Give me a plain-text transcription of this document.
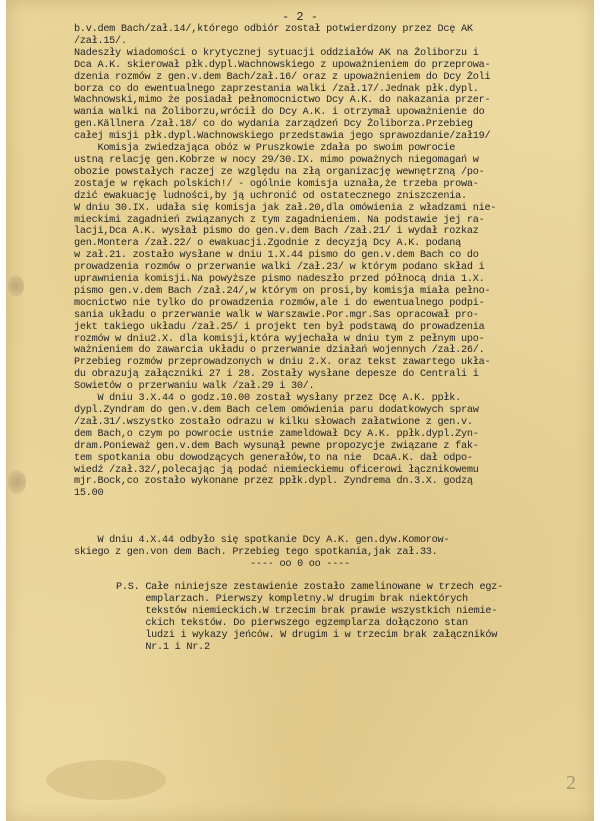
- 2 -
b.v.dem Bach/zał.14/,którego odbiór został potwierdzony przez Dcę AK
/zał.15/.
Nadeszły wiadomości o krytycznej sytuacji oddziałów AK na Żoliborzu i
Dca A.K. skierował płk.dypl.Wachnowskiego z upoważnieniem do przeprowa-
dzenia rozmów z gen.v.dem Bach/zał.16/ oraz z upoważnieniem do Dcy Żoli
borza co do ewentualnego zaprzestania walki /zał.17/.Jednak płk.dypl.
Wachnowski,mimo że posiadał pełnomocnictwo Dcy A.K. do nakazania przer-
wania walki na Żoliborzu,wrócił do Dcy A.K. i otrzymał upoważnienie do
gen.Källnera /zał.18/ co do wydania zarządzeń Dcy Żoliborza.Przebieg
całej misji płk.dypl.Wachnowskiego przedstawia jego sprawozdanie/zał19/
Komisja zwiedzająca obóz w Pruszkowie zdała po swoim powrocie
ustną relację gen.Kobrze w nocy 29/30.IX. mimo poważnych niegomagań w
obozie powstałych raczej ze względu na złą organizację wewnętrzną /po-
zostaje w rękach polskich!/ - ogólnie komisja uznała,że trzeba prowa-
dzić ewakuację ludności,by ją uchronić od ostatecznego zniszczenia.
W dniu 30.IX. udała się komisja jak zał.20,dla omówienia z władzami nie-
mieckimi zagadnień związanych z tym zagadnieniem. Na podstawie jej ra-
lacji,Dca A.K. wysłał pismo do gen.v.dem Bach /zał.21/ i wydał rozkaz
gen.Montera /zał.22/ o ewakuacji.Zgodnie z decyzją Dcy A.K. podaną
w zał.21. zostało wysłane w dniu 1.X.44 pismo do gen.v.dem Bach co do
prowadzenia rozmów o przerwanie walki /zał.23/ w którym podano skład i
uprawnienia komisji.Na powyższe pismo nadeszło przed północą dnia 1.X.
pismo gen.v.dem Bach /zał.24/,w którym on prosi,by komisja miała pełno-
mocnictwo nie tylko do prowadzenia rozmów,ale i do ewentualnego podpi-
sania układu o przerwanie walk w Warszawie.Por.mgr.Sas opracował pro-
jekt takiego układu /zał.25/ i projekt ten był podstawą do prowadzenia
rozmów w dniu2.X. dla komisji,która wyjechała w dniu tym z pełnym upo-
ważnieniem do zawarcia układu o przerwanie działań wojennych /zał.26/.
Przebieg rozmów przeprowadzonych w dniu 2.X. oraz tekst zawartego ukła-
du obrazują załączniki 27 i 28. Zostały wysłane depesze do Centrali i
Sowietów o przerwaniu walk /zał.29 i 30/.
W dniu 3.X.44 o godz.10.00 został wysłany przez Dcę A.K. ppłk.
dypl.Zyndram do gen.v.dem Bach celem omówienia paru dodatkowych spraw
/zał.31/.wszystko zostało odrazu w kilku słowach załatwione z gen.v.
dem Bach,o czym po powrocie ustnie zameldował Dcy A.K. ppłk.dypl.Zyn-
dram.Ponieważ gen.v.dem Bach wysunął pewne propozycje związane z fak-
tem spotkania obu dowodzących generałów,to na nie  DcaA.K. dał odpo-
wiedź /zał.32/,polecając ją podać niemieckiemu oficerowi łącznikowemu
mjr.Bock,co zostało wykonane przez ppłk.dypl. Zyndrema dn.3.X. godzą
15.00
W dniu 4.X.44 odbyło się spotkanie Dcy A.K. gen.dyw.Komorow-
skiego z gen.von dem Bach. Przebieg tego spotkania,jak zał.33.
---- oo 0 oo ----
P.S. Całe niniejsze zestawienie zostało zamelinowane w trzech egz-
emplarzach. Pierwszy kompletny.W drugim brak niektórych
tekstów niemieckich.W trzecim brak prawie wszystkich niemie-
ckich tekstów. Do pierwszego egzemplarza dołączono stan
ludzi i wykazy jeńców. W drugim i w trzecim brak załączników
Nr.1 i Nr.2
2
